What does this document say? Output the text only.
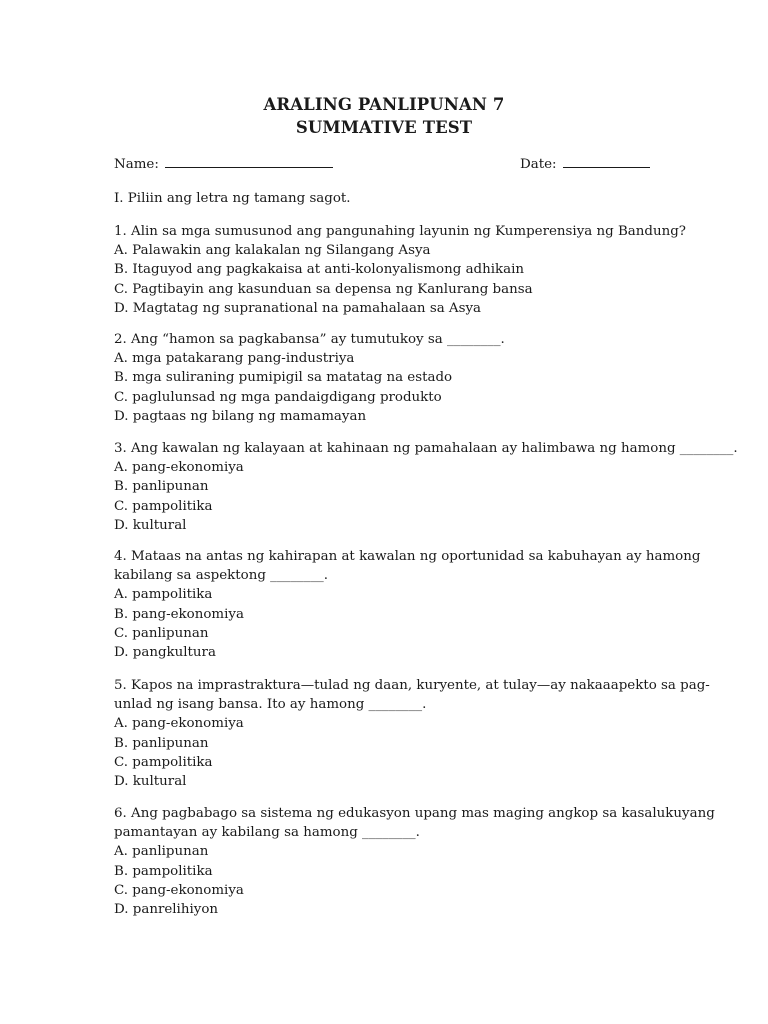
ARALING PANLIPUNAN 7
SUMMATIVE TEST
Name:	Date:
I. Piliin ang letra ng tamang sagot.
1. Alin sa mga sumusunod ang pangunahing layunin ng Kumperensiya ng Bandung?
A. Palawakin ang kalakalan ng Silangang Asya
B. Itaguyod ang pagkakaisa at anti-kolonyalismong adhikain
C. Pagtibayin ang kasunduan sa depensa ng Kanlurang bansa
D. Magtatag ng supranational na pamahalaan sa Asya
2. Ang “hamon sa pagkabansa” ay tumutukoy sa ________.
A. mga patakarang pang-industriya
B. mga suliraning pumipigil sa matatag na estado
C. paglulunsad ng mga pandaigdigang produkto
D. pagtaas ng bilang ng mamamayan
3. Ang kawalan ng kalayaan at kahinaan ng pamahalaan ay halimbawa ng hamong ________.
A. pang-ekonomiya
B. panlipunan
C. pampolitika
D. kultural
4. Mataas na antas ng kahirapan at kawalan ng oportunidad sa kabuhayan ay hamong
kabilang sa aspektong ________.
A. pampolitika
B. pang-ekonomiya
C. panlipunan
D. pangkultura
5. Kapos na imprastraktura—tulad ng daan, kuryente, at tulay—ay nakaaapekto sa pag-
unlad ng isang bansa. Ito ay hamong ________.
A. pang-ekonomiya
B. panlipunan
C. pampolitika
D. kultural
6. Ang pagbabago sa sistema ng edukasyon upang mas maging angkop sa kasalukuyang
pamantayan ay kabilang sa hamong ________.
A. panlipunan
B. pampolitika
C. pang-ekonomiya
D. panrelihiyon
